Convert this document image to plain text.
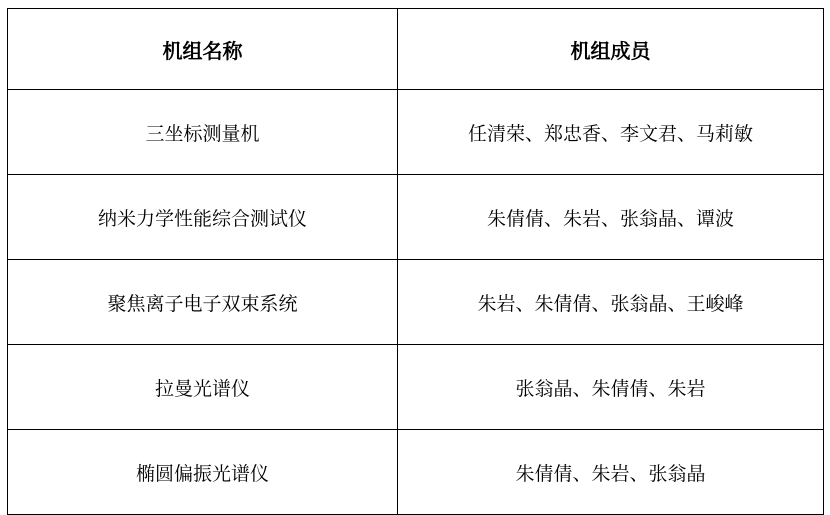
机组名称	机组成员
三坐标测量机	任清荣、郑忠香、李文君、马莉敏
纳米力学性能综合测试仪	朱倩倩、朱岩、张翁晶、谭波
聚焦离子电子双束系统	朱岩、朱倩倩、张翁晶、王峻峰
拉曼光谱仪	张翁晶、朱倩倩、朱岩
椭圆偏振光谱仪	朱倩倩、朱岩、张翁晶
